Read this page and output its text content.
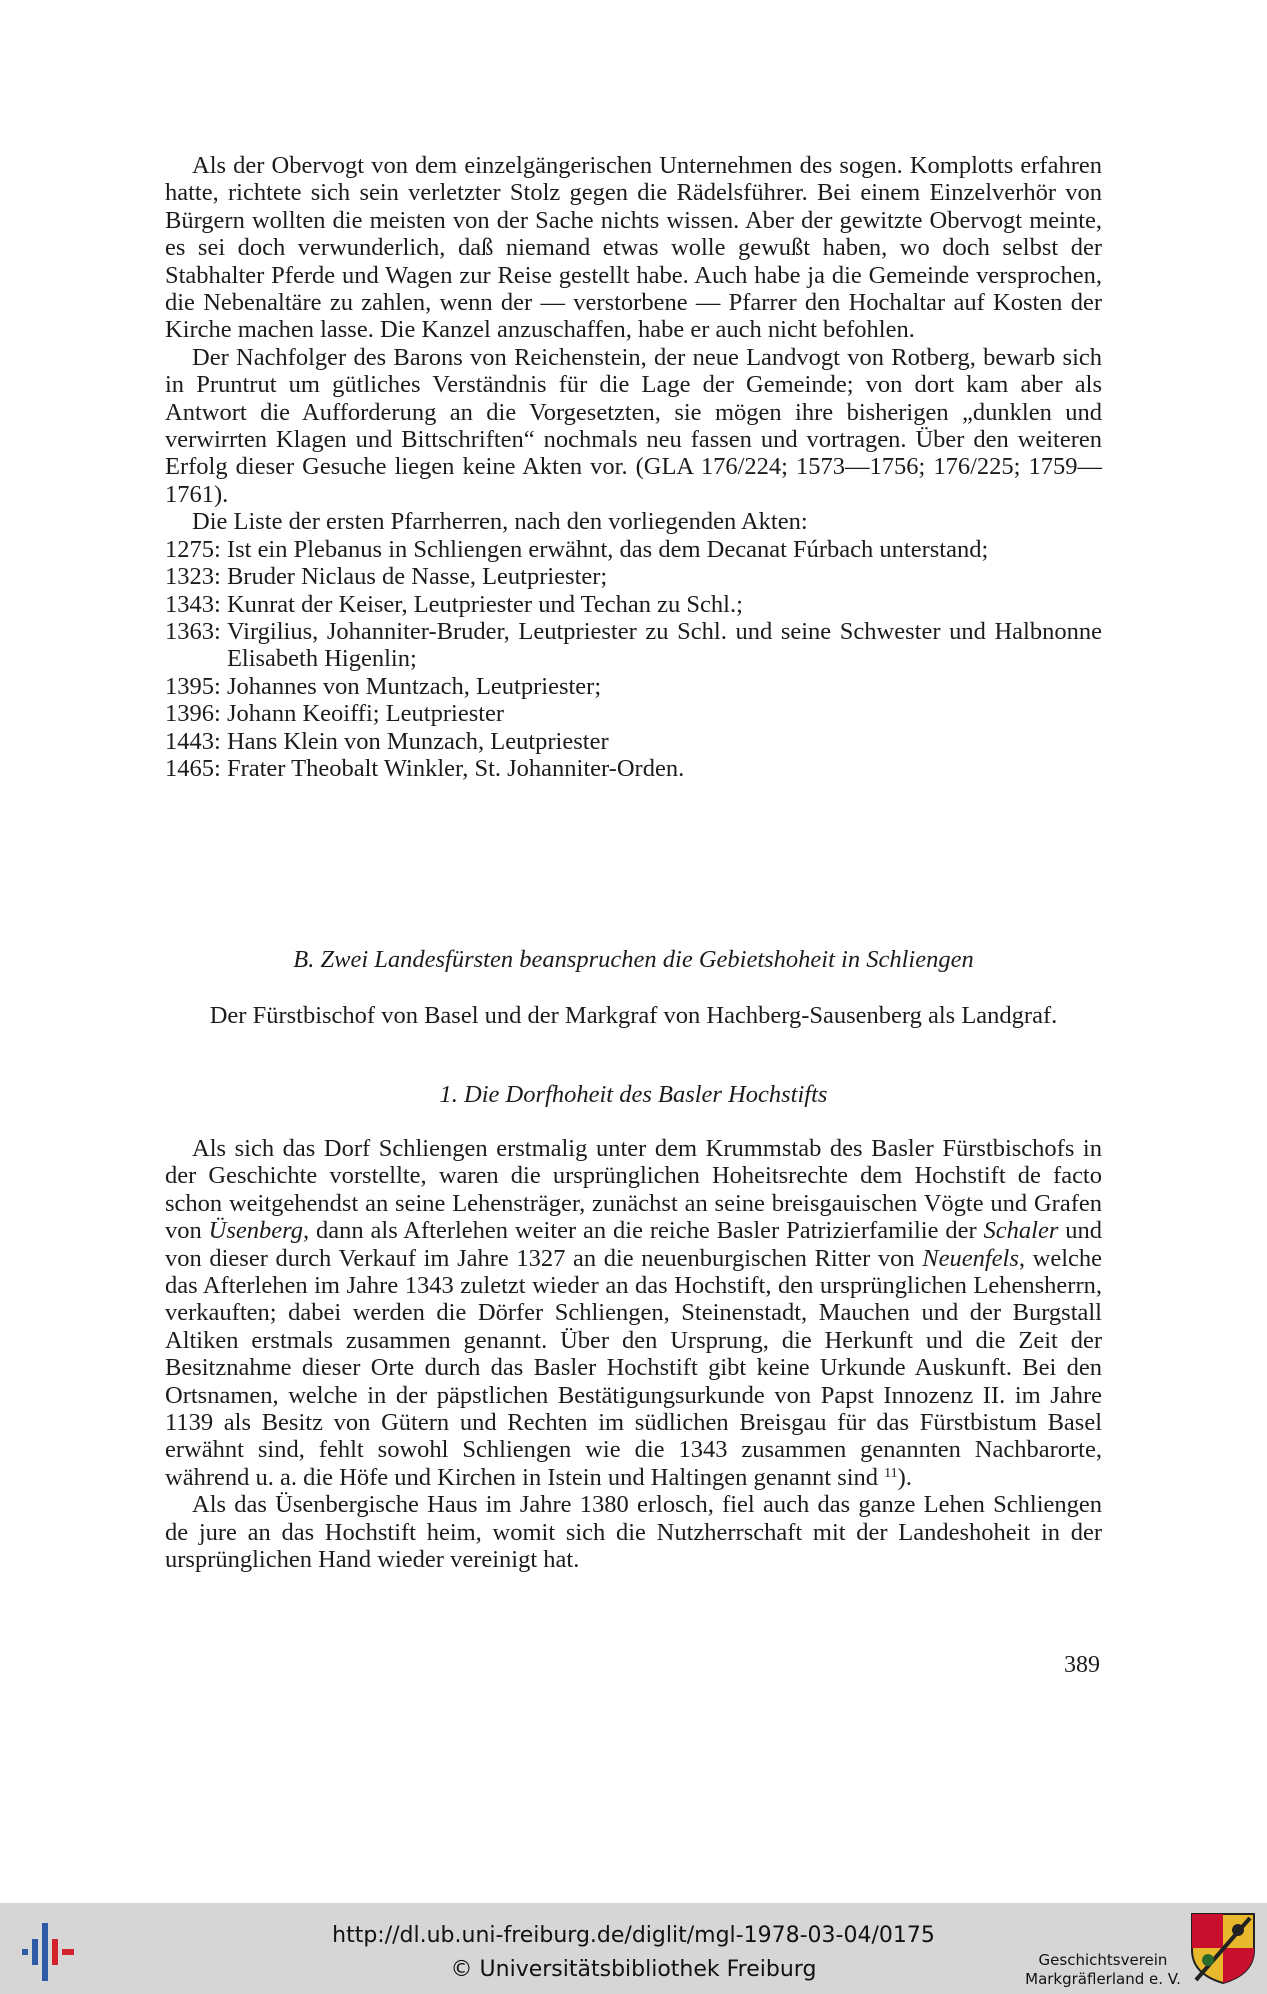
Als der Obervogt von dem einzelgängerischen Unternehmen des sogen. Komplotts erfahren hatte, richtete sich sein verletzter Stolz gegen die Rädelsführer. Bei einem Einzelverhör von Bürgern wollten die meisten von der Sache nichts wissen. Aber der gewitzte Obervogt meinte, es sei doch verwunderlich, daß niemand etwas wolle gewußt haben, wo doch selbst der Stabhalter Pferde und Wagen zur Reise gestellt habe. Auch habe ja die Gemeinde versprochen, die Nebenaltäre zu zahlen, wenn der — verstorbene — Pfarrer den Hochaltar auf Kosten der Kirche machen lasse. Die Kanzel anzuschaffen, habe er auch nicht befohlen.

Der Nachfolger des Barons von Reichenstein, der neue Landvogt von Rotberg, bewarb sich in Pruntrut um gütliches Verständnis für die Lage der Gemeinde; von dort kam aber als Antwort die Aufforderung an die Vorgesetzten, sie mögen ihre bisherigen „dunklen und verwirrten Klagen und Bittschriften“ nochmals neu fassen und vortragen. Über den weiteren Erfolg dieser Gesuche liegen keine Akten vor. (GLA 176/224; 1573—1756; 176/225; 1759—1761).

Die Liste der ersten Pfarrherren, nach den vorliegenden Akten:

1275:
Ist ein Plebanus in Schliengen erwähnt, das dem Decanat Fúrbach unterstand;
1323:
Bruder Niclaus de Nasse, Leutpriester;
1343:
Kunrat der Keiser, Leutpriester und Techan zu Schl.;
1363:
Virgilius, Johanniter-Bruder, Leutpriester zu Schl. und seine Schwester und Halbnonne Elisabeth Higenlin;
1395:
Johannes von Muntzach, Leutpriester;
1396:
Johann Keoiffi; Leutpriester
1443:
Hans Klein von Munzach, Leutpriester
1465:
Frater Theobalt Winkler, St. Johanniter-Orden.
B. Zwei Landesfürsten beanspruchen die Gebietshoheit in Schliengen
Der Fürstbischof von Basel und der Markgraf von Hachberg-Sausenberg als Landgraf.
1. Die Dorfhoheit des Basler Hochstifts

Als sich das Dorf Schliengen erstmalig unter dem Krummstab des Basler Fürstbischofs in der Geschichte vorstellte, waren die ursprünglichen Hoheitsrechte dem Hochstift de facto schon weitgehendst an seine Lehensträger, zunächst an seine breisgauischen Vögte und Grafen von Üsenberg, dann als Afterlehen weiter an die reiche Basler Patrizierfamilie der Schaler und von dieser durch Verkauf im Jahre 1327 an die neuenburgischen Ritter von Neuenfels, welche das Afterlehen im Jahre 1343 zuletzt wieder an das Hochstift, den ursprünglichen Lehensherrn, verkauften; dabei werden die Dörfer Schliengen, Steinenstadt, Mauchen und der Burgstall Altiken erstmals zusammen genannt. Über den Ursprung, die Herkunft und die Zeit der Besitznahme dieser Orte durch das Basler Hochstift gibt keine Urkunde Auskunft. Bei den Ortsnamen, welche in der päpstlichen Bestätigungsurkunde von Papst Innozenz II. im Jahre 1139 als Besitz von Gütern und Rechten im südlichen Breisgau für das Fürstbistum Basel erwähnt sind, fehlt sowohl Schliengen wie die 1343 zusammen genannten Nachbarorte, während u. a. die Höfe und Kirchen in Istein und Haltingen genannt sind $^{11}$).

Als das Üsenbergische Haus im Jahre 1380 erlosch, fiel auch das ganze Lehen Schliengen de jure an das Hochstift heim, womit sich die Nutzherrschaft mit der Landeshoheit in der ursprünglichen Hand wieder vereinigt hat.

389
http://dl.ub.uni-freiburg.de/diglit/mgl-1978-03-04/0175
© Universitätsbibliothek Freiburg	Geschichtsverein
Markgräflerland e. V.
